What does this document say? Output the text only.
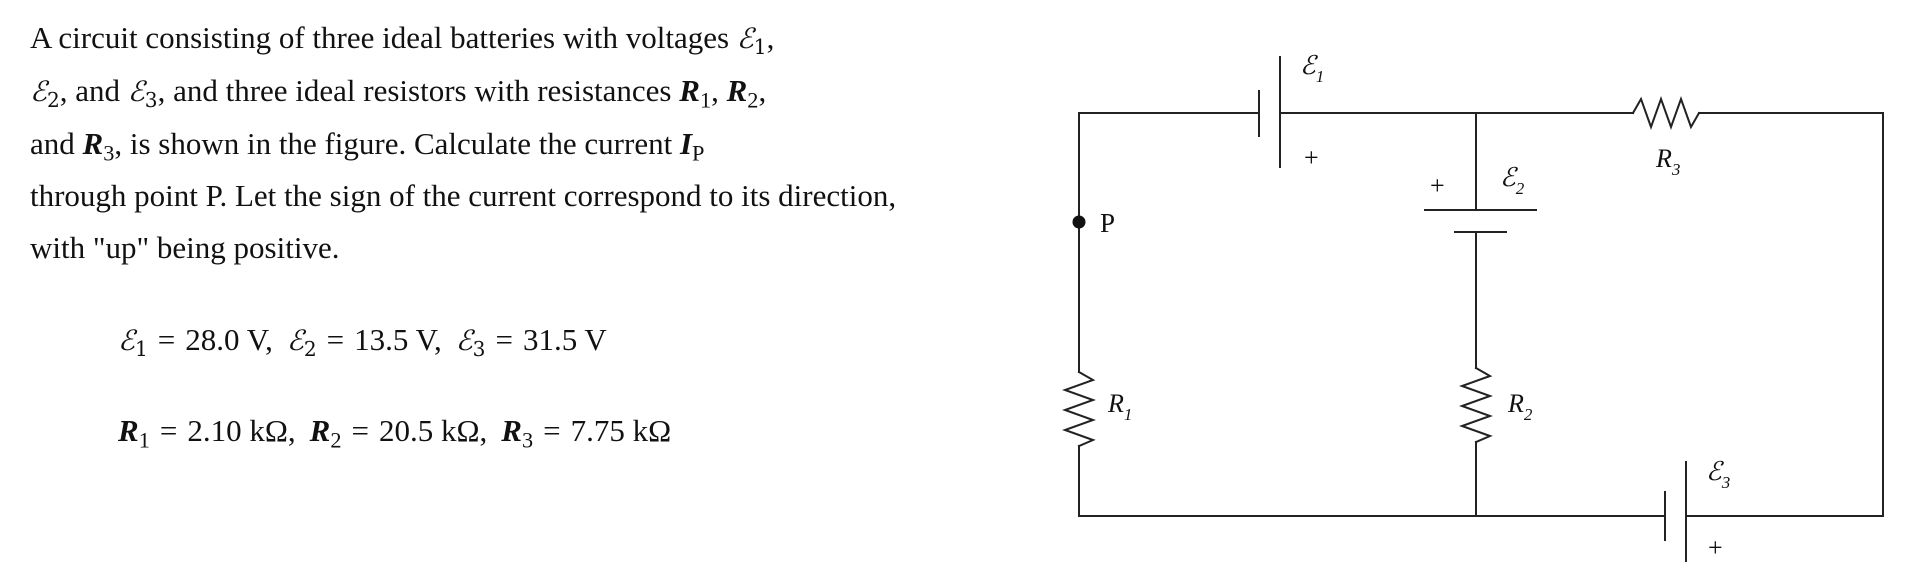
A circuit consisting of three ideal batteries with voltages ℰ$_1$,
ℰ$_2$, and ℰ$_3$, and three ideal resistors with resistances $R_1$, $R_2$,
and $R_3$, is shown in the figure. Calculate the current $I_P$
through point P. Let the sign of the current correspond to its direction, with "up" being positive.
ℰ$_1$ = 28.0 V, ℰ$_2$ = 13.5 V, ℰ$_3$ = 31.5 V
$R_1 = 2.10$ kΩ, $R_2 = 20.5$ kΩ, $R_3 = 7.75$ kΩ
P
ℰ$_1$
+
+ ℰ$_2$
$R_3$
$R_1$	$R_2$
ℰ$_3$
+
